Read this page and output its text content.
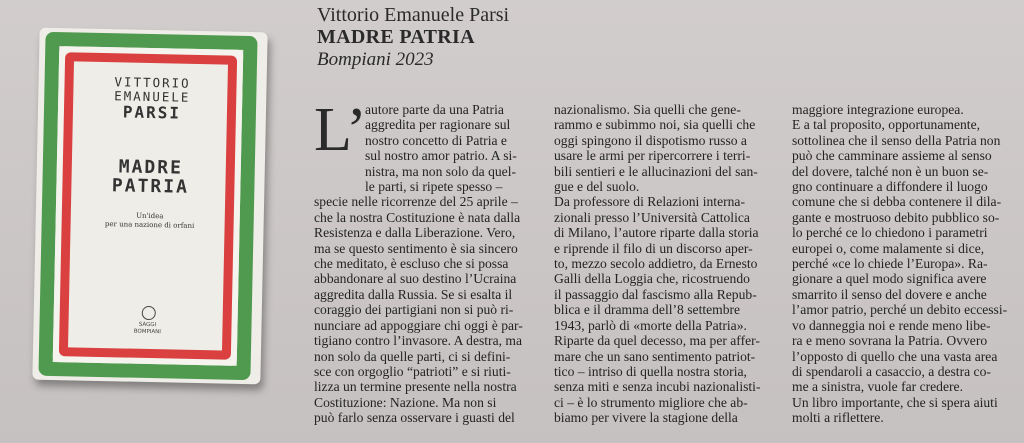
VITTORIO
EMANUELE
PARSI
MADRE
PATRIA
Un'idea
per una nazione di orfani
SAGGI
BOMPIANI
Vittorio Emanuele Parsi
MADRE PATRIA
Bompiani 2023
L’
autore parte da una Patria
aggredita per ragionare sul
nostro concetto di Patria e
sul nostro amor patrio. A si-
nistra, ma non solo da quel-
le parti, si ripete spesso –
specie nelle ricorrenze del 25 aprile –
che la nostra Costituzione è nata dalla
Resistenza e dalla Liberazione. Vero,
ma se questo sentimento è sia sincero
che meditato, è escluso che si possa
abbandonare al suo destino l’Ucraina
aggredita dalla Russia. Se si esalta il
coraggio dei partigiani non si può ri-
nunciare ad appoggiare chi oggi è par-
tigiano contro l’invasore. A destra, ma
non solo da quelle parti, ci si defini-
sce con orgoglio “patrioti” e si riuti-
lizza un termine presente nella nostra
Costituzione: Nazione. Ma non si
può farlo senza osservare i guasti del
nazionalismo. Sia quelli che gene-
rammo e subimmo noi, sia quelli che
oggi spingono il dispotismo russo a
usare le armi per ripercorrere i terri-
bili sentieri e le allucinazioni del san-
gue e del suolo.
Da professore di Relazioni interna-
zionali presso l’Università Cattolica
di Milano, l’autore riparte dalla storia
e riprende il filo di un discorso aper-
to, mezzo secolo addietro, da Ernesto
Galli della Loggia che, ricostruendo
il passaggio dal fascismo alla Repub-
blica e il dramma dell’8 settembre
1943, parlò di «morte della Patria».
Riparte da quel decesso, ma per affer-
mare che un sano sentimento patriot-
tico – intriso di quella nostra storia,
senza miti e senza incubi nazionalisti-
ci – è lo strumento migliore che ab-
biamo per vivere la stagione della
maggiore integrazione europea.
E a tal proposito, opportunamente,
sottolinea che il senso della Patria non
può che camminare assieme al senso
del dovere, talché non è un buon se-
gno continuare a diffondere il luogo
comune che si debba contenere il dila-
gante e mostruoso debito pubblico so-
lo perché ce lo chiedono i parametri
europei o, come malamente si dice,
perché «ce lo chiede l’Europa». Ra-
gionare a quel modo significa avere
smarrito il senso del dovere e anche
l’amor patrio, perché un debito eccessi-
vo danneggia noi e rende meno libe-
ra e meno sovrana la Patria. Ovvero
l’opposto di quello che una vasta area
di spendaroli a casaccio, a destra co-
me a sinistra, vuole far credere.
Un libro importante, che si spera aiuti
molti a riflettere.
